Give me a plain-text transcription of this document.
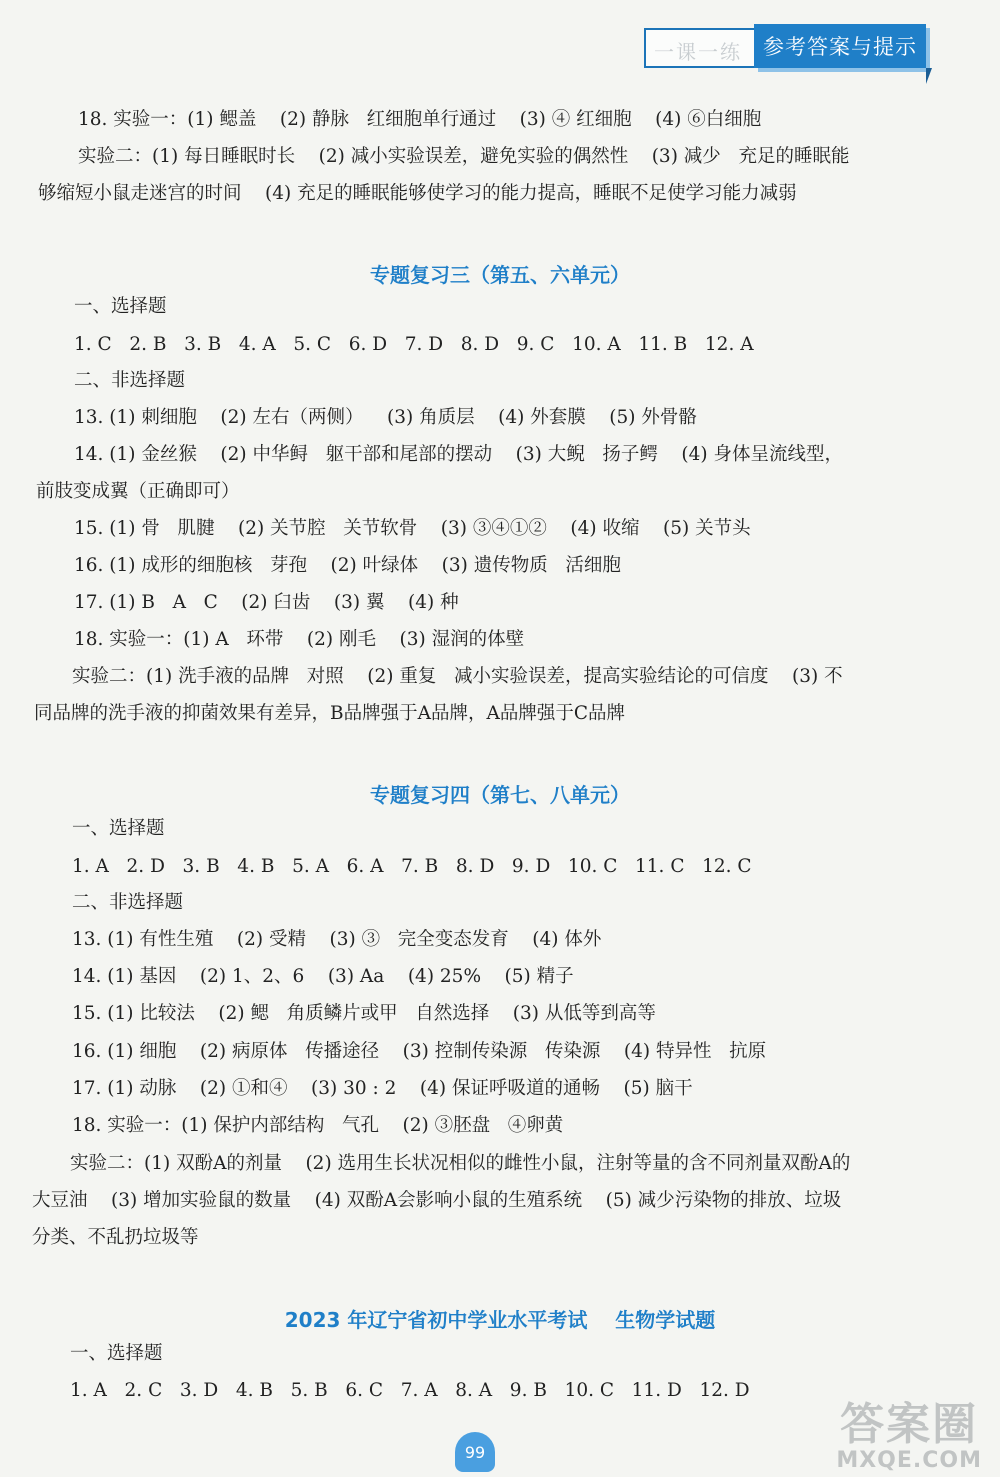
一课一练	参考答案与提示
18. 实验一：(1) 鳃盖    (2) 静脉   红细胞单行通过    (3) ④ 红细胞    (4) ⑥白细胞
实验二：(1) 每日睡眠时长    (2) 减小实验误差，避免实验的偶然性    (3) 减少   充足的睡眠能
够缩短小鼠走迷宫的时间    (4) 充足的睡眠能够使学习的能力提高，睡眠不足使学习能力减弱
专题复习三（第五、六单元）
一、选择题
1. C   2. B   3. B   4. A   5. C   6. D   7. D   8. D   9. C   10. A   11. B   12. A
二、非选择题
13. (1) 刺细胞    (2) 左右（两侧）    (3) 角质层    (4) 外套膜    (5) 外骨骼
14. (1) 金丝猴    (2) 中华鲟   躯干部和尾部的摆动    (3) 大鲵   扬子鳄    (4) 身体呈流线型，
前肢变成翼（正确即可）
15. (1) 骨   肌腱    (2) 关节腔   关节软骨    (3) ③④①②    (4) 收缩    (5) 关节头
16. (1) 成形的细胞核   芽孢    (2) 叶绿体    (3) 遗传物质   活细胞
17. (1) B   A   C    (2) 臼齿    (3) 翼    (4) 种
18. 实验一：(1) A   环带    (2) 刚毛    (3) 湿润的体壁
实验二：(1) 洗手液的品牌   对照    (2) 重复   减小实验误差，提高实验结论的可信度    (3) 不
同品牌的洗手液的抑菌效果有差异，B品牌强于A品牌，A品牌强于C品牌
专题复习四（第七、八单元）
一、选择题
1. A   2. D   3. B   4. B   5. A   6. A   7. B   8. D   9. D   10. C   11. C   12. C
二、非选择题
13. (1) 有性生殖    (2) 受精    (3) ③   完全变态发育    (4) 体外
14. (1) 基因    (2) 1、2、6    (3) Aa    (4) 25%    (5) 精子
15. (1) 比较法    (2) 鳃   角质鳞片或甲   自然选择    (3) 从低等到高等
16. (1) 细胞    (2) 病原体   传播途径    (3) 控制传染源   传染源    (4) 特异性   抗原
17. (1) 动脉    (2) ①和④    (3) 30 : 2    (4) 保证呼吸道的通畅    (5) 脑干
18. 实验一：(1) 保护内部结构   气孔    (2) ③胚盘   ④卵黄
实验二：(1) 双酚A的剂量    (2) 选用生长状况相似的雌性小鼠，注射等量的含不同剂量双酚A的
大豆油    (3) 增加实验鼠的数量    (4) 双酚A会影响小鼠的生殖系统    (5) 减少污染物的排放、垃圾
分类、不乱扔垃圾等
2023 年辽宁省初中学业水平考试    生物学试题
一、选择题
1. A   2. C   3. D   4. B   5. B   6. C   7. A   8. A   9. B   10. C   11. D   12. D
99
答案圈
MXQE.COM
